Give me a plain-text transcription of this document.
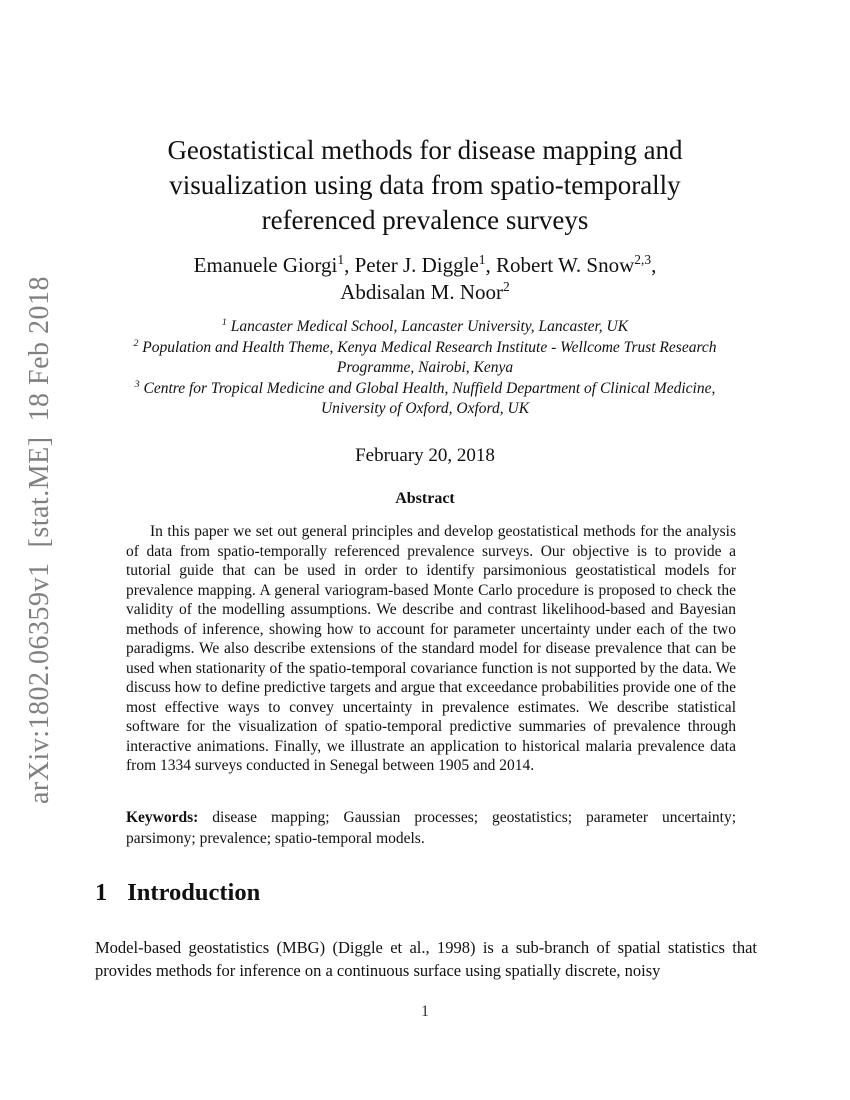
arXiv:1802.06359v1  [stat.ME]  18 Feb 2018
Geostatistical methods for disease mapping and
visualization using data from spatio-temporally
referenced prevalence surveys
Emanuele Giorgi$^1$, Peter J. Diggle$^1$, Robert W. Snow$^{2,3}$,
Abdisalan M. Noor$^2$
$^1$ Lancaster Medical School, Lancaster University, Lancaster, UK
$^2$ Population and Health Theme, Kenya Medical Research Institute - Wellcome Trust Research Programme, Nairobi, Kenya
$^3$ Centre for Tropical Medicine and Global Health, Nuffield Department of Clinical Medicine, University of Oxford, Oxford, UK
February 20, 2018
Abstract

In this paper we set out general principles and develop geostatistical methods for the analysis of data from spatio-temporally referenced prevalence surveys. Our objective is to provide a tutorial guide that can be used in order to identify parsimonious geostatistical models for prevalence mapping. A general variogram-based Monte Carlo procedure is proposed to check the validity of the modelling assumptions. We describe and contrast likelihood-based and Bayesian methods of inference, showing how to account for parameter uncertainty under each of the two paradigms. We also describe extensions of the standard model for disease prevalence that can be used when stationarity of the spatio-temporal covariance function is not supported by the data. We discuss how to define predictive targets and argue that exceedance probabilities provide one of the most effective ways to convey uncertainty in prevalence estimates. We describe statistical software for the visualization of spatio-temporal predictive summaries of prevalence through interactive animations. Finally, we illustrate an application to historical malaria prevalence data from 1334 surveys conducted in Senegal between 1905 and 2014.

Keywords: disease mapping; Gaussian processes; geostatistics; parameter uncertainty; parsimony; prevalence; spatio-temporal models.
1 Introduction

Model-based geostatistics (MBG) (Diggle et al., 1998) is a sub-branch of spatial statistics that provides methods for inference on a continuous surface using spatially discrete, noisy

1
